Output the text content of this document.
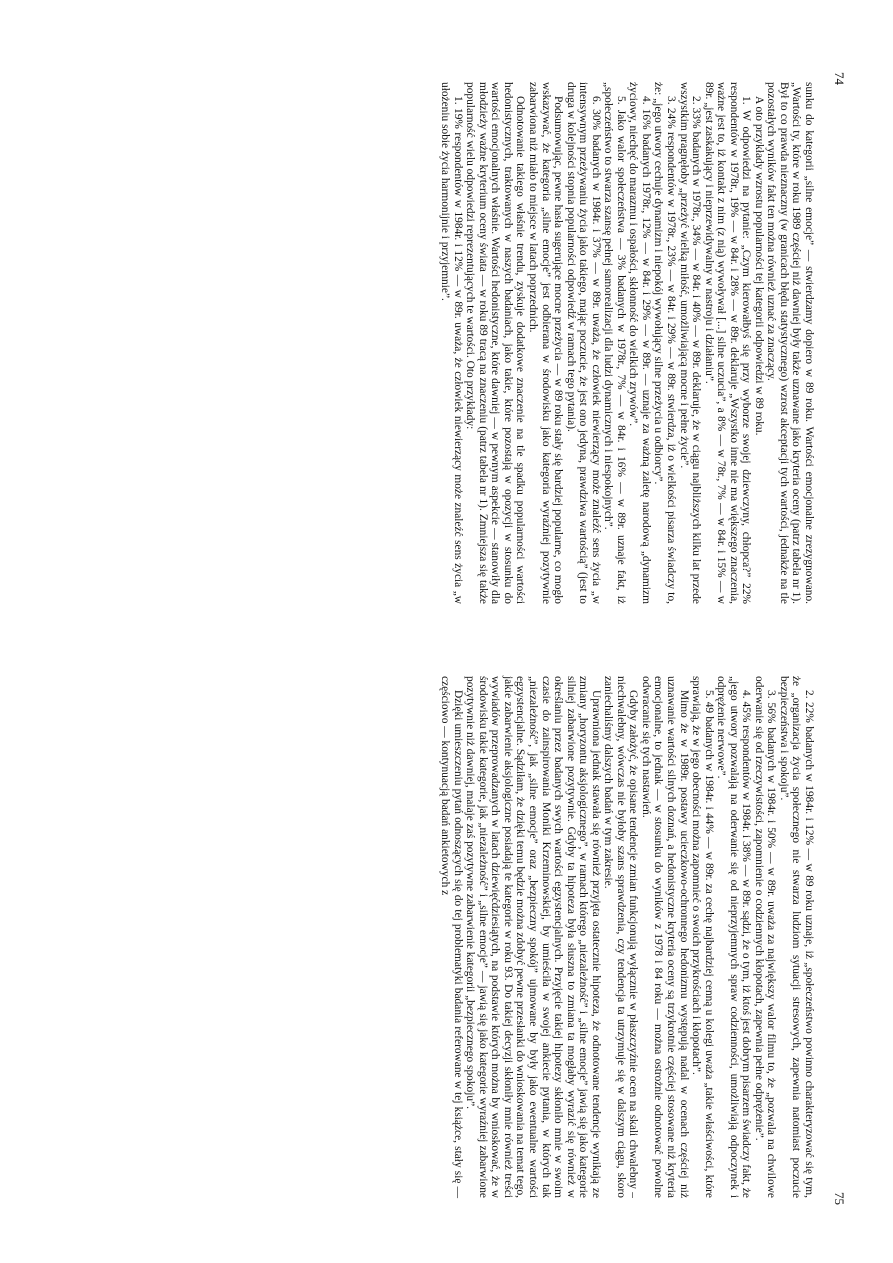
74

sunku do kategorii „silne emocje” — stwierdzamy dopiero w 89 roku. Wartości emocjonalne zrezygnowano. „Wartości ty, które w roku 1989 częściej niż dawniej były także uznawane jako kryteria oceny (patrz tabela nr 1). Był to co prawda nieznaczny (w granicach błędu statystycznego) wzrost akceptacji tych wartości, jednakże na tle pozostałych wyników fakt ten można również uznać za znaczący.

A oto przykłady wzrostu popularności tej kategorii odpowiedzi w 89 roku.

1. W odpowiedzi na pytanie: „Czym kierowałbyś się przy wyborze swojej dziewczyny, chłopca?” 22% respondentów w 1978r., 19% — w 84r. i 28% — w 89r. deklaruje „Wszystko inne nie ma większego znaczenia, ważne jest to, iż kontakt z nim (z nią) wywoływał [...] silne uczucia”, a 8% — w 78r., 7% — w 84r. i 15% — w 89r. „jest zaskakujący i nieprzewidywalny w nastroju i działaniu”.

2. 33% badanych w 1978r., 34% — w 84r. i 40% — w 89r. deklaruje, że w ciągu najbliższych kilku lat przede wszystkim pragnęłoby „przeżyć wielką miłość, umożliwiającą mocne i pełne życie”.

3. 24% respondentów w 1978r., 23% — w 84r. i 29% — w 89r. stwierdza, iż o wielkości pisarza świadczy to, że: „jego utwory cechuje dynamizm i niepokój wywołujący silne przeżycia u odbiorcy”.

4. 16% badanych 1978r., 12% — w 84r. i 29% — w 89r. — uznaje za ważną zaletę narodową „dynamizm życiowy, niechęć do marazmu i ospałości, skłonność do wielkich zrywów”.

5. Jako walor społeczeństwa — 3% badanych w 1978r., 7% — w 84r. i 16% — w 89r. uznaje fakt, iż „społeczeństwo to stwarza szansę pełnej samorealizacji dla ludzi dynamicznych i niespokojnych”.

6. 30% badanych w 1984r. i 37% — w 89r. uważa, że człowiek niewierzący może znaleźć sens życia „w intensywnym przeżywaniu życia jako takiego, mając poczucie, że jest ono jedyna, prawdziwa wartością” (jest to druga w kolejności stopnia popularności odpowiedź w ramach tego pytania).

Podsumowując, pewne hasła sugerujące mocne przeżycia — w 89 roku stały się bardziej popularne, co mogło wskazywać, że kategoria „silne emocje” jest odbierana w środowisku jako kategoria wyraźniej pozytywnie zabarwiona niż miało to miejsce w latach poprzednich.

Odnotowanie takiego właśnie trendu, zyskuje dodatkowe znaczenie na tle spadku popularności wartości hedonistycznych, traktowanych w naszych badaniach, jako takie, które pozostają w opozycji w stosunku do wartości emocjonalnych właśnie. Wartości hedonistyczne, które dawniej — w pewnym aspekcie — stanowiły dla młodzieży ważne kryterium oceny świata — w roku 89 tracą na znaczeniu (patrz tabela nr 1). Zmniejsza się także popularność wielu odpowiedzi reprezentujących te wartości. Oto przykłady:

1. 19% respondentów w 1984r. i 12% — w 89r. uważa, że człowiek niewierzący może znaleźć sens życia „w ułożeniu sobie życia harmonijnie i przyjemnie”.

75

2. 22% badanych w 1984r. i 12% — w 89 roku uznaje, iż „społeczeństwo powinno charakteryzować się tym, że „organizacja życia społecznego nie stwarza ludziom sytuacji stresowych, zapewnia natomiast poczucie bezpieczeństwa i spokoju”.

3. 56% badanych w 1984r. i 50% — w 89r. uważa za największy walor filmu to, że „pozwala na chwilowe oderwanie się od rzeczywistości, zapomnienie o codziennych kłopotach, zapewnia pełne odprężenie”.

4. 45% respondentów w 1984r. i 38% — w 89r. sądzi, że o tym, iż ktoś jest dobrym pisarzem świadczy fakt, że „jego utwory pozwalają na oderwanie się od nieprzyjemnych spraw codzienności, umożliwiają odpoczynek i odprężenie nerwowe”.

5. 49 badanych w 1984r. i 44% — w 89r. za cechę najbardziej cenną u kolegi uważa „takie właściwości, które sprawiają, że w jego obecności można zapomnieć o swoich przykrościach i kłopotach”.

Mimo że w 1989r. postawy ucieczkowo-ochronnego hedonizmu występują nadal w ocenach częściej niż uznawanie wartości silnych doznań, a hedonistyczne kryteria oceny są trzykrotnie częściej stosowane niż kryteria emocjonalne, to jednak — w stosunku do wyników z 1978 i 84 roku — można ostrożnie odnotować powolne odwracanie się tych nastawień.

Gdyby założyć, że opisane tendencje zmian funkcjonują wyłącznie w płaszczyźnie ocen na skali chwalebny – niechwalebny, wówczas nie byłoby szans sprawdzenia, czy tendencja ta utrzymuje się w dalszym ciągu, skoro zaniechaliśmy dalszych badań w tym zakresie.

Uprawniona jednak stawała się również przyjęta ostatecznie hipoteza, że odnotowane tendencje wynikają ze zmiany „horyzontu aksjologicznego”, w ramach którego „niezależność” i „silne emocje” jawią się jako kategorie silniej zabarwione pozytywnie. Gdyby ta hipoteza była słuszna to zmiana ta mogłaby wyrazić się również w określaniu przez badanych swych wartości egzystencjalnych. Przyjęcie takiej hipotezy skłoniło mnie w swoim czasie do zainspirowania Moniki Krzeminowskiej, by umieściła w swojej ankiecie pytania, w których tak „niezależność”, jak „silne emocje” oraz „bezpieczny spokój” ujmowane by były jako ewentualne wartości egzystencjalne. Sądziłam, że dzięki temu będzie można zdobyć pewne przesłanki do wnioskowania na temat tego, jakie zabarwienie aksjologiczne posiadają te kategorie w roku 93. Do takiej decyzji skłoniły mnie również treści wywiadów przeprowadzanych w latach dziewięćdziesiątych, na podstawie których można by wnioskować, że w środowisku takie kategorie, jak „niezależność” i „silne emocje” — jawią się jako kategorie wyraźniej zabarwione pozytywnie niż dawniej, malaje zaś pozytywne zabarwienie kategorii „bezpiecznego spokoju”.

Dzięki umieszczeniu pytań odnoszących się do tej problematyki badania referowane w tej książce, stały się — częściowo — kontynuacją badań ankietowych z
